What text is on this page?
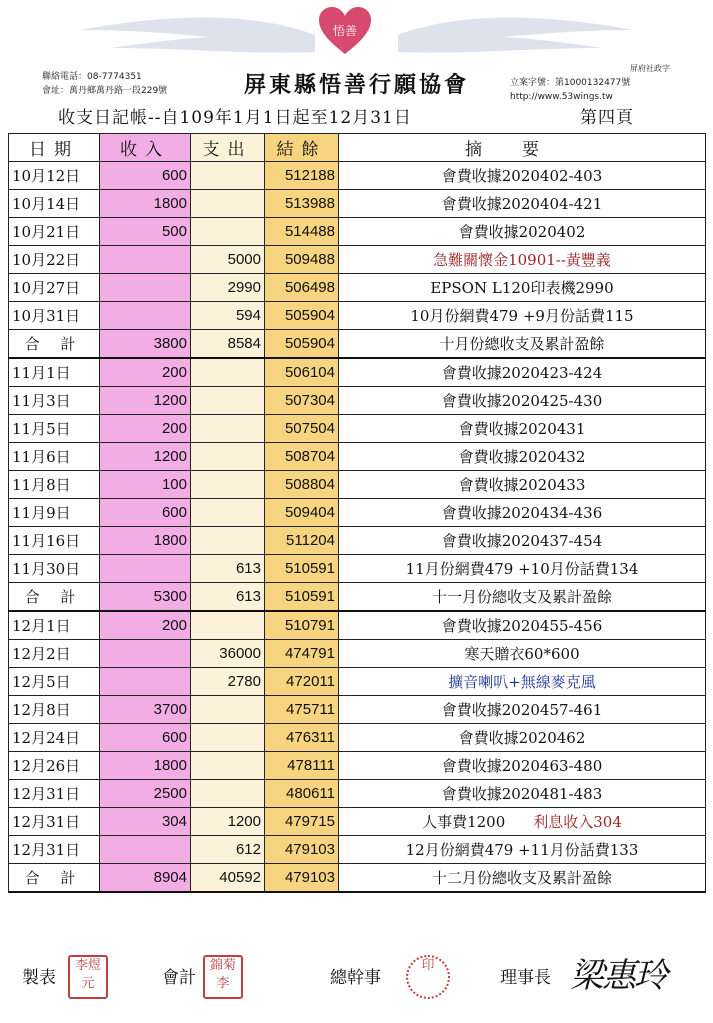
悟善
聯絡電話：08-7774351
會址：萬丹鄉萬丹路一段229號	屏東縣悟善行願協會
屏府社政字
立案字號：第1000132477號
http://www.53wings.tw
收支日記帳--自109年1月1日起至12月31日	第四頁
日期	收入	支出	結餘	摘要
10月12日	600		512188	會費收據2020402-403
10月14日	1800		513988	會費收據2020404-421
10月21日	500		514488	會費收據2020402
10月22日		5000	509488	急難關懷金10901--黃豐義
10月27日		2990	506498	EPSON L120印表機2990
10月31日		594	505904	10月份網費479 +9月份話費115
合 計	3800	8584	505904	十月份總收支及累計盈餘
11月1日	200		506104	會費收據2020423-424
11月3日	1200		507304	會費收據2020425-430
11月5日	200		507504	會費收據2020431
11月6日	1200		508704	會費收據2020432
11月8日	100		508804	會費收據2020433
11月9日	600		509404	會費收據2020434-436
11月16日	1800		511204	會費收據2020437-454
11月30日		613	510591	11月份網費479 +10月份話費134
合 計	5300	613	510591	十一月份總收支及累計盈餘
12月1日	200		510791	會費收據2020455-456
12月2日		36000	474791	寒天贈衣60*600
12月5日		2780	472011	擴音喇叭+無線麥克風
12月8日	3700		475711	會費收據2020457-461
12月24日	600		476311	會費收據2020462
12月26日	1800		478111	會費收據2020463-480
12月31日	2500		480611	會費收據2020481-483
12月31日	304	1200	479715	人事費1200 利息收入304
12月31日		612	479103	12月份網費479 +11月份話費133
合 計	8904	40592	479103	十二月份總收支及累計盈餘
製表
李煜元	會計
錦菊李	總幹事
印
理事長 梁惠玲
